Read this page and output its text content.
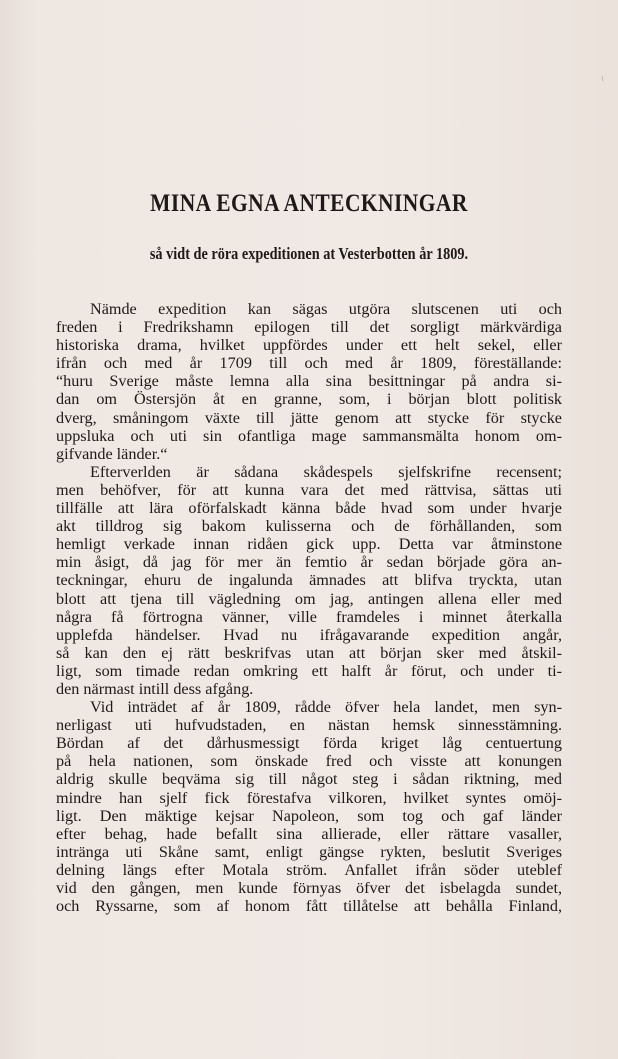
ι
MINA EGNA ANTECKNINGAR
så vidt de röra expeditionen at Vesterbotten år 1809.
Nämde expedition kan sägas utgöra slutscenen uti och
freden i Fredrikshamn epilogen till det sorgligt märkvärdiga
historiska drama, hvilket uppfördes under ett helt sekel, eller
ifrån och med år 1709 till och med år 1809, föreställande:
“huru Sverige måste lemna alla sina besittningar på andra si-
dan om Östersjön åt en granne, som, i början blott politisk
dverg, småningom växte till jätte genom att stycke för stycke
uppsluka och uti sin ofantliga mage sammansmälta honom om-
gifvande länder.“
Efterverlden är sådana skådespels sjelfskrifne recensent;
men behöfver, för att kunna vara det med rättvisa, sättas uti
tillfälle att lära oförfalskadt känna både hvad som under hvarje
akt tilldrog sig bakom kulisserna och de förhållanden, som
hemligt verkade innan ridåen gick upp. Detta var åtminstone
min åsigt, då jag för mer än femtio år sedan började göra an-
teckningar, ehuru de ingalunda ämnades att blifva tryckta, utan
blott att tjena till vägledning om jag, antingen allena eller med
några få förtrogna vänner, ville framdeles i minnet återkalla
upplefda händelser. Hvad nu ifrågavarande expedition angår,
så kan den ej rätt beskrifvas utan att början sker med åtskil-
ligt, som timade redan omkring ett halft år förut, och under ti-
den närmast intill dess afgång.
Vid inträdet af år 1809, rådde öfver hela landet, men syn-
nerligast uti hufvudstaden, en nästan hemsk sinnesstämning.
Bördan af det dårhusmessigt förda kriget låg centuertung
på hela nationen, som önskade fred och visste att konungen
aldrig skulle beqväma sig till något steg i sådan riktning, med
mindre han sjelf fick förestafva vilkoren, hvilket syntes omöj-
ligt. Den mäktige kejsar Napoleon, som tog och gaf länder
efter behag, hade befallt sina allierade, eller rättare vasaller,
inträngа uti Skåne samt, enligt gängse rykten, beslutit Sveriges
delning längs efter Motala ström. Anfallet ifrån söder uteblef
vid den gången, men kunde förnyas öfver det isbelagda sundet,
och Ryssarne, som af honom fått tillåtelse att behålla Finland,
